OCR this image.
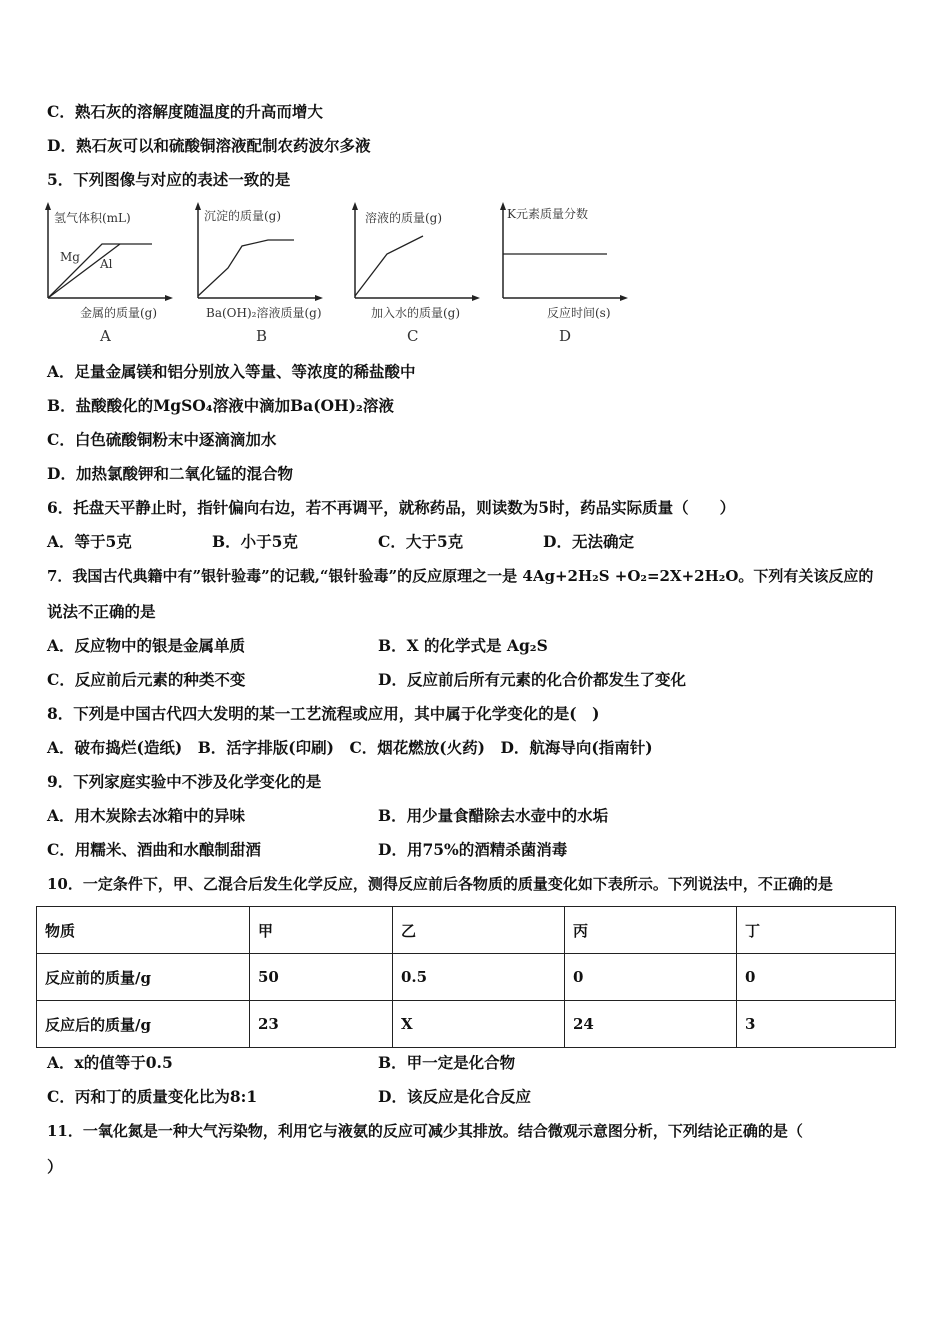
C．熟石灰的溶解度随温度的升高而增大
D．熟石灰可以和硫酸铜溶液配制农药波尔多液
5．下列图像与对应的表述一致的是
氢气体积(mL)
Mg Al
金属的质量(g)
A
沉淀的质量(g)
Ba(OH)₂溶液质量(g)
B
溶液的质量(g)
加入水的质量(g)
C
K元素质量分数
反应时间(s)
D
A．足量金属镁和铝分别放入等量、等浓度的稀盐酸中
B．盐酸酸化的MgSO₄溶液中滴加Ba(OH)₂溶液
C．白色硫酸铜粉末中逐滴滴加水
D．加热氯酸钾和二氧化锰的混合物
6．托盘天平静止时，指针偏向右边，若不再调平，就称药品，则读数为5时，药品实际质量（　　）
A．等于5克	B．小于5克	C．大于5克	D．无法确定
7．我国古代典籍中有”银针验毒”的记载,“银针验毒”的反应原理之一是 4Ag+2H₂S +O₂=2X+2H₂O。下列有关该反应的
说法不正确的是
A．反应物中的银是金属单质	B．X 的化学式是 Ag₂S
C．反应前后元素的种类不变	D．反应前后所有元素的化合价都发生了变化
8．下列是中国古代四大发明的某一工艺流程或应用，其中属于化学变化的是(　)
A．破布捣烂(造纸)　B．活字排版(印刷)　C．烟花燃放(火药)　D．航海导向(指南针)
9．下列家庭实验中不涉及化学变化的是
A．用木炭除去冰箱中的异味	B．用少量食醋除去水壶中的水垢
C．用糯米、酒曲和水酿制甜酒	D．用75%的酒精杀菌消毒
10．一定条件下，甲、乙混合后发生化学反应，测得反应前后各物质的质量变化如下表所示。下列说法中，不正确的是
物质	甲	乙	丙	丁
反应前的质量/g	50	0.5	0	0
反应后的质量/g	23	X	24	3
A．x的值等于0.5	B．甲一定是化合物
C．丙和丁的质量变化比为8:1	D．该反应是化合反应
11．一氧化氮是一种大气污染物，利用它与液氨的反应可减少其排放。结合微观示意图分析，下列结论正确的是（
）
